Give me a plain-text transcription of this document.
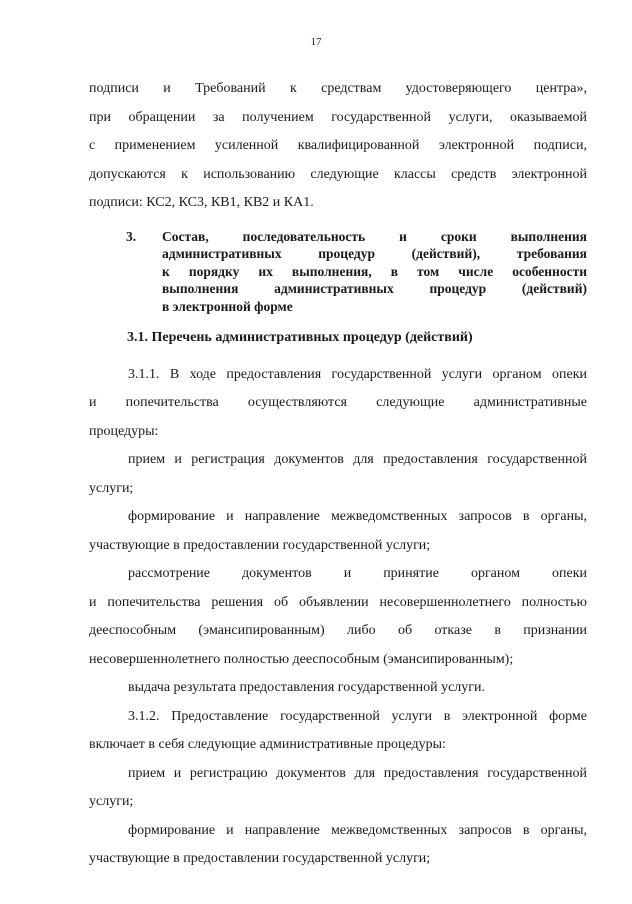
17

подписи и Требований к средствам удостоверяющего центра»,

при обращении за получением государственной услуги, оказываемой

с применением усиленной квалифицированной электронной подписи,

допускаются к использованию следующие классы средств электронной

подписи: КС2, КС3, КВ1, КВ2 и КА1.

3.	Состав, последовательность и сроки выполнения
административных процедур (действий), требования
к порядку их выполнения, в том числе особенности
выполнения административных процедур (действий)
в электронной форме
3.1. Перечень административных процедур (действий)

3.1.1. В ходе предоставления государственной услуги органом опеки

и попечительства осуществляются следующие административные

процедуры:

прием и регистрация документов для предоставления государственной

услуги;

формирование и направление межведомственных запросов в органы,

участвующие в предоставлении государственной услуги;

рассмотрение документов и принятие органом опеки

и попечительства решения об объявлении несовершеннолетнего полностью

дееспособным (эмансипированным) либо об отказе в признании

несовершеннолетнего полностью дееспособным (эмансипированным);

выдача результата предоставления государственной услуги.

3.1.2. Предоставление государственной услуги в электронной форме

включает в себя следующие административные процедуры:

прием и регистрацию документов для предоставления государственной

услуги;

формирование и направление межведомственных запросов в органы,

участвующие в предоставлении государственной услуги;
